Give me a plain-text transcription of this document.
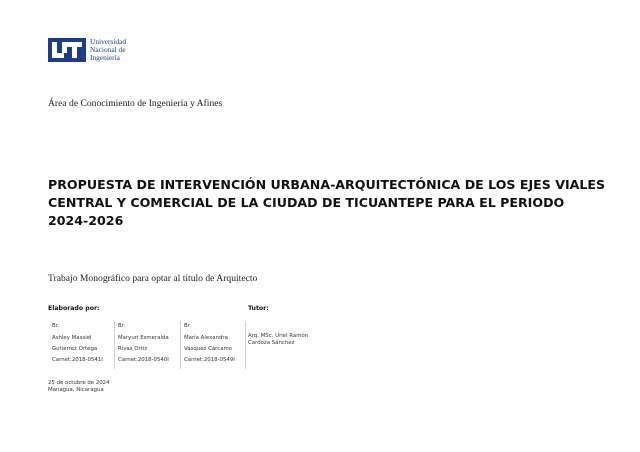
Universidad
Nacional de
Ingeniería
Área de Conocimiento de Ingeniería y Afines
PROPUESTA DE INTERVENCIÓN URBANA-ARQUITECTÓNICA DE LOS EJES VIALES CENTRAL Y COMERCIAL DE LA CIUDAD DE TICUANTEPE PARA EL PERIODO 2024-2026
Trabajo Monográfico para optar al título de Arquitecto
Elaborado por:	Tutor:
Br.
Ashley Massiel
Gutiérrez Ortega
Carnet:2018-0541I
Br.
Maryuri Esmeralda
Rivas Ortiz
Carnet:2018-0540I
Br.
María Alexandra
Vásquez Cárcamo
Carnet:2018-0549I
Arq. MSc. Uriel Ramón
Cardoza Sánchez
25 de octubre de 2024
Managua, Nicaragua
